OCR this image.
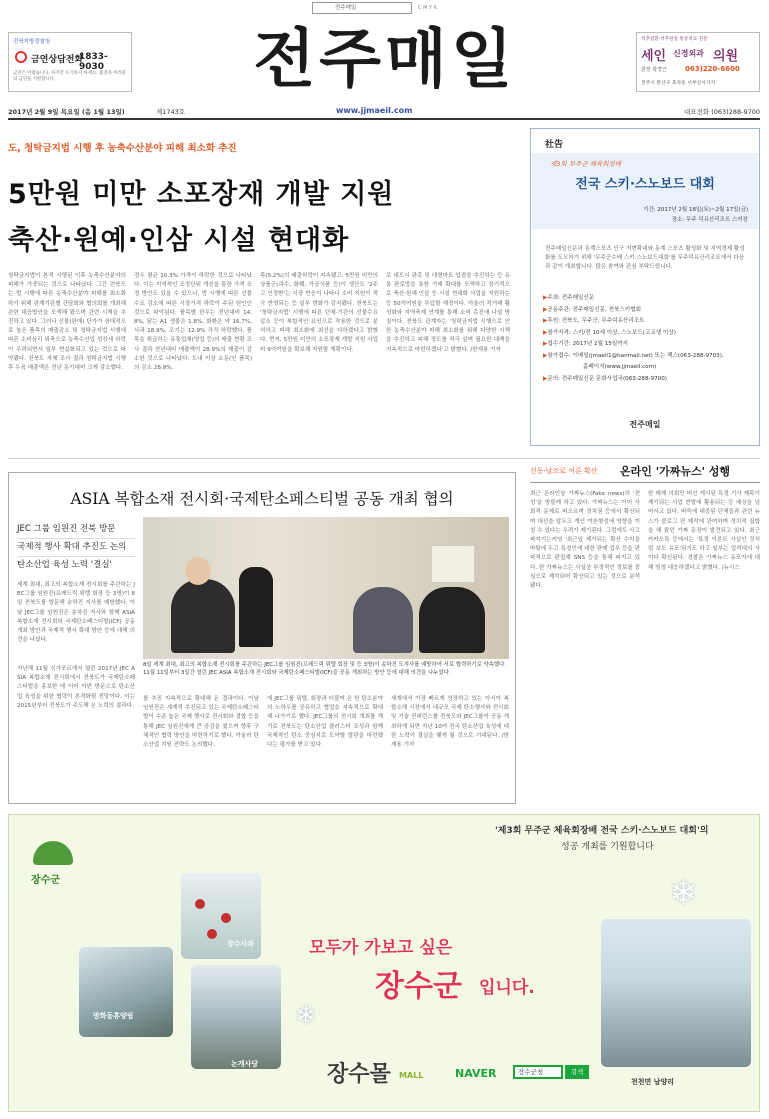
전주매일	C M Y K
전북지방경찰청
금연상담전화
1833-9030
금연은 어렵습니다. 하지만 포기하지 마세요. 흡연자 여러분의 금연을 지원합니다.	전주매일	척추질환·척추관절 통증치료 전문
세인 신경외과 의원
원장 곽경근	063)220-6600
전주시 완산구 효자동 서부신시가지
2017년 2월 9일 목요일 (음 1월 13일)	제1743호	www.jjmaeil.com	대표전화 (063)288-9700
도, 청탁금지법 시행 후 농축수산분야 피해 최소화 추진
5만원 미만 소포장재 개발 지원
축산·원예·인삼 시설 현대화
청탁금지법이 본격 시행된 이후 농축수산분야의 피해가 가중되는 것으로 나타났다. 그간 전북도는 법 시행에 따른 농축수산분야 피해를 최소화하기 위해 관계기관별 간담회와 협의회를 개최해 관련 대응방안을 모색해 왔으며 관련 시책을 추진하고 있다. 그러나 선물(판매) 단가가 상대적으로 높은 품목의 매출감소 및 청탁금지법 시행에 따른 소비심리 위축으로 농축수산업 성장세 하락이 우려되면서 일부 현실화되고 있는 것으로 파악됐다. 전북도 자체 조사 결과 청탁금지법 시행 후 우육 매출액은 전년 동기대비 크게 감소했다.
경우 평균 10.3% 가격이 하락한 것으로 나타났다. 이는 지역적인 조정단위 개선을 통한 가격 조정 방안도 있을 수 있으나, 법 시행에 따른 선물수요 감소에 따른 시장가격 하락이 주된 원인인 것으로 파악된다. 품목별 한우는 전년대비 14.8%, 닭는 A1 생물은 1.8%, 화환은 약 16.7%, 사과 18.9%, 조기는 12.9% 각각 하락했다. 품목을 취급하는 유통업체(영업 등)의 매출 현황 조사 결과 전년대비 매출액이 28.9%의 매출이 감소한 것으로 나타났다. 도내 이상 소문(인 품목)의 감소 28.9%.
목(5.2%)의 매출하락이 지속됐고, 5만원 미만의 상품군(과수, 화훼, 가공식품 등)이 생산도 '2주고 인정받'는 시장 반응이 나타나 소비 지원이 적극 반영되는 등 일부 변화가 감지됐다. 전북도는 '청탁금지법' 시행에 따른 단체·기관의 선물수요 감소 등이 복합적인 요인으로 작용한 것으로 분석하고 피해 최소화에 최선을 다하겠다고 밝혔다. 먼저, 5만원 미만의 소포장재 개발 지원 사업비 9억여원을 확보해 지원할 계획이다.
로 대도시 판촉 및 대형마트 입점을 추진하는 등 유통 판로망을 통한 거래 확대를 모색하고 장기적으로 축산·원예·인삼 등 시설 현대화 사업을 지원하는 등 50억여원을 투입할 예정이다. 아울러 직거래 활성화와 지역축제 연계를 통해 소비 촉진에 나설 방침이다. 전북도 관계자는 '청탁금지법 시행으로 인한 농축수산분야 피해 최소화를 위해 다양한 시책을 추진하고 피해 정도를 적극 살펴 필요한 대책을 지속적으로 마련하겠다'고 밝혔다. /한재용 기자
社告
제3회 무주군 체육회장배
전국 스키·스노보드 대회
기간: 2017년 2월 18일(토)~2월 17일(금)
장소: 무주 덕유산리조트 스키장
전주매일신문과 동계스포츠 인구 저변확대와 동계 스포츠 활성화 및 지역경제 활성화를 도모하기 위해 '무주군수배 스키·스노보드대회'를 무주덕유산리조트에서 다음과 같이 개최합니다. 많은 참여와 관심 부탁드립니다.
▶주최: 전주매일신문
▶공동주관: 전주매일신문, 전북스키협회
▶후원: 전북도, 무주군, 무주덕유산리조트
▶참가자격: 스키/전 10세 이상, 스노보드(고교생 이상)
▶접수기간: 2017년 2월 15일까지
▶참가접수: 이메일(jmaeil1@hanmail.net) 또는 팩스(063-288-9703),
홈페이지(www.jjmaeil.com)
▶문의: 전주매일신문 문화사업국(063-288-9700)
전주매일
ASIA 복합소재 전시회·국제탄소페스티벌 공동 개최 협의
JEC 그룹 임원진 전북 방문
국제적 행사 확대 추진도 논의
탄소산업 육성 노력 '결실'
세계 최대, 최고의 복합소재 전시회를 주관하는 JEC그룹 임원진(프레드릭 뮈텔 회장 등 3명)이 8일 전북도를 방문해 송하진 지사를 예방했다. 이날 JEC그룹 임원진은 송하진 지사와 함께 ASIA 복합소재 전시회와 국제탄소페스티벌(ICF) 공동 개최 방안과 국제적 행사 확대 방안 등에 대해 의견을 나눴다.
지난해 11월 싱가포르에서 열린 2017년 JEC ASIA 복합소재 전시회에서 전북도가 국제탄소페스티벌을 홍보한 데 이어 이번 방문으로 탄소산업 육성을 위한 협력이 본격화될 전망이다. 이는 2015년부터 전북도가 주도해 온 노력의 결과다.
8일 세계 최대, 최고의 복합소재 전시회를 주관하는 JEC그룹 임원진(프레드릭 뮈텔 회장 및 등 3명)이 송하진 도지사를 예방하여 서로 협력하기로 약속했다. 11월 11일부터 3일간 열린 JEC ASIA 복합소재 전시회와 국제탄소페스티벌(ICF)을 공동 개최하는 방안 등에 대해 의견을 나누었다.
를 추진 지속적으로 확대해 온 결과이다. 이날 임원진은 세계적 추진되고 있는 국제탄소페스티벌이 수준 높은 국제 행사로 전시회와 결합 등을 통해 JEC 임원진에게 큰 공감을 줬으며 향후 구체적인 협력 방안을 마련하기로 했다. 아울러 탄소산업 지원 전략도 논의했다.
에 JEC그룹 뮈텔, 회장과 더불어 온 한 탄소분야의 노하우를 공유하고 협업을 지속적으로 확대해 나가기로 했다. JEC그룹의 전시회 개최를 계기로 전북도는 탄소산업 클러스터 조성과 함께 국제적인 탄소 중심지로 도약할 발판을 마련했다는 평가를 받고 있다.
세계에서 가장 빠르게 성장하고 있는 아시아 복합소재 시장에서 대규모 국제 탄소행사와 전시회 및 기술 컨퍼런스를 전북도와 JEC그룹이 공동 개최하게 되면 지난 10여 전국 탄소산업 육성에 대한 노력이 결실을 맺게 될 것으로 기대된다. /한재용 기자
선동·날조로 여론 확산 온라인 '가짜뉴스' 성행
최근 온라인상 가짜뉴스(Fake news)의 '전성'을 방불케 하고 있다. 가짜뉴스는 이미 사회적 문제로 떠오르며 정치권 등에서 확산되며 대선을 앞두고 개인 여론형성에 영향을 끼칠 수 있다는 우려가 제기된다. 그럼에도 사고파지기는커녕 '최근일 제기되는 확산 수익을 바탕에 두고 특정인에 대한 판매 업무 등을 편파적으로 편집해 SNS 등을 통해 퍼지고 있다. 한 가짜뉴스는 사실상 부정적인 정보를 중심으로 제작되어 확산되고 있는 것으로 분석됐다.
한 매체 의회만 버선 게시된 특정 기사 제목이 제기되는 사업 반발에 활용되는 등 예상을 넘어서고 있다. 바둑에 대중된 단체들과 관련 뉴스가 블로그 편 제작에 관여하며 정치적 집합을 해 왔던 가짜 문장이 발견되고 있다. 최근 카카오톡 등에서는 '특정 이론도 사실인 것처럼 보도 유포'되기도 하고 일부는 업적대의 사이다 확신된다. 경찰은 가짜뉴스 유포자에 대해 엄정 대응하겠다고 밝혔다. /뉴시스
장수군
'제3회 무주군 체육회장배 전국 스키·스노보드 대회'의
성공 개최를 기원합니다
장수사과
방화동휴양림
논개사당
천천면 남양리
❄
❄
모두가 가보고 싶은
장수군 입니다.
장수몰 MALL	NAVER	장수군청	검색
